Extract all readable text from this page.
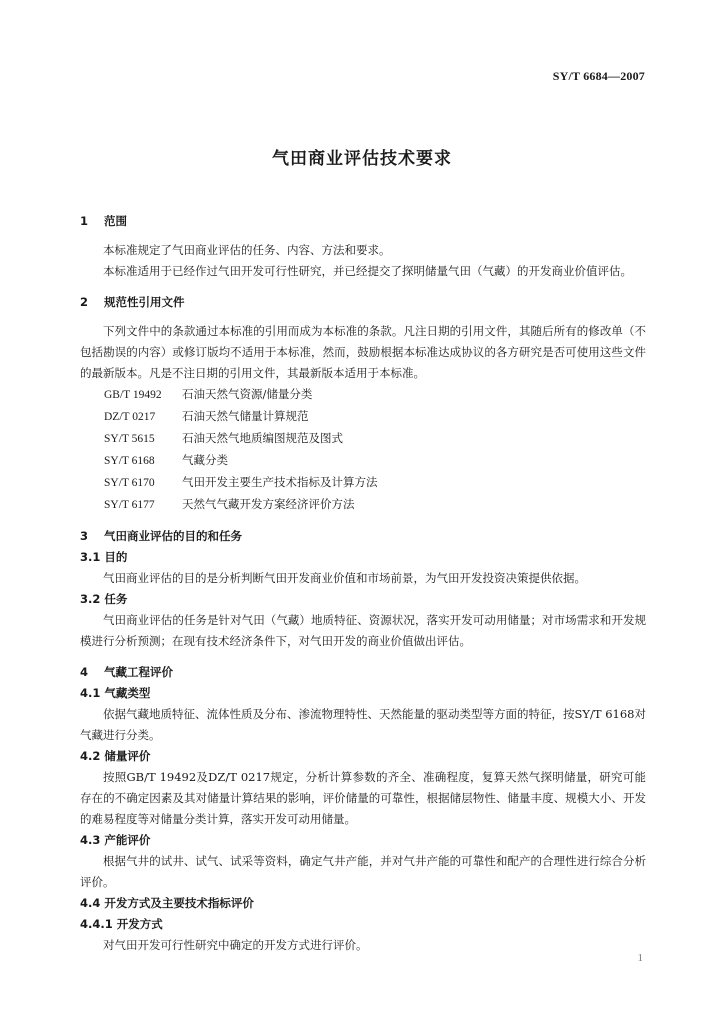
SY/T 6684—2007
气田商业评估技术要求
1 范围
本标准规定了气田商业评估的任务、内容、方法和要求。
本标准适用于已经作过气田开发可行性研究，并已经提交了探明储量气田（气藏）的开发商业价值评估。
2 规范性引用文件
下列文件中的条款通过本标准的引用而成为本标准的条款。凡注日期的引用文件，其随后所有的修改单（不包括勘误的内容）或修订版均不适用于本标准，然而，鼓励根据本标准达成协议的各方研究是否可使用这些文件的最新版本。凡是不注日期的引用文件，其最新版本适用于本标准。
GB/T 19492 石油天然气资源/储量分类
DZ/T 0217 石油天然气储量计算规范
SY/T 5615 石油天然气地质编图规范及图式
SY/T 6168 气藏分类
SY/T 6170 气田开发主要生产技术指标及计算方法
SY/T 6177 天然气气藏开发方案经济评价方法
3 气田商业评估的目的和任务
3.1 目的
气田商业评估的目的是分析判断气田开发商业价值和市场前景，为气田开发投资决策提供依据。
3.2 任务
气田商业评估的任务是针对气田（气藏）地质特征、资源状况，落实开发可动用储量；对市场需求和开发规模进行分析预测；在现有技术经济条件下，对气田开发的商业价值做出评估。
4 气藏工程评价
4.1 气藏类型
依据气藏地质特征、流体性质及分布、渗流物理特性、天然能量的驱动类型等方面的特征，按SY/T 6168对气藏进行分类。
4.2 储量评价
按照GB/T 19492及DZ/T 0217规定，分析计算参数的齐全、准确程度，复算天然气探明储量，研究可能存在的不确定因素及其对储量计算结果的影响，评价储量的可靠性，根据储层物性、储量丰度、规模大小、开发的难易程度等对储量分类计算，落实开发可动用储量。
4.3 产能评价
根据气井的试井、试气、试采等资料，确定气井产能，并对气井产能的可靠性和配产的合理性进行综合分析评价。
4.4 开发方式及主要技术指标评价
4.4.1 开发方式
对气田开发可行性研究中确定的开发方式进行评价。
1
